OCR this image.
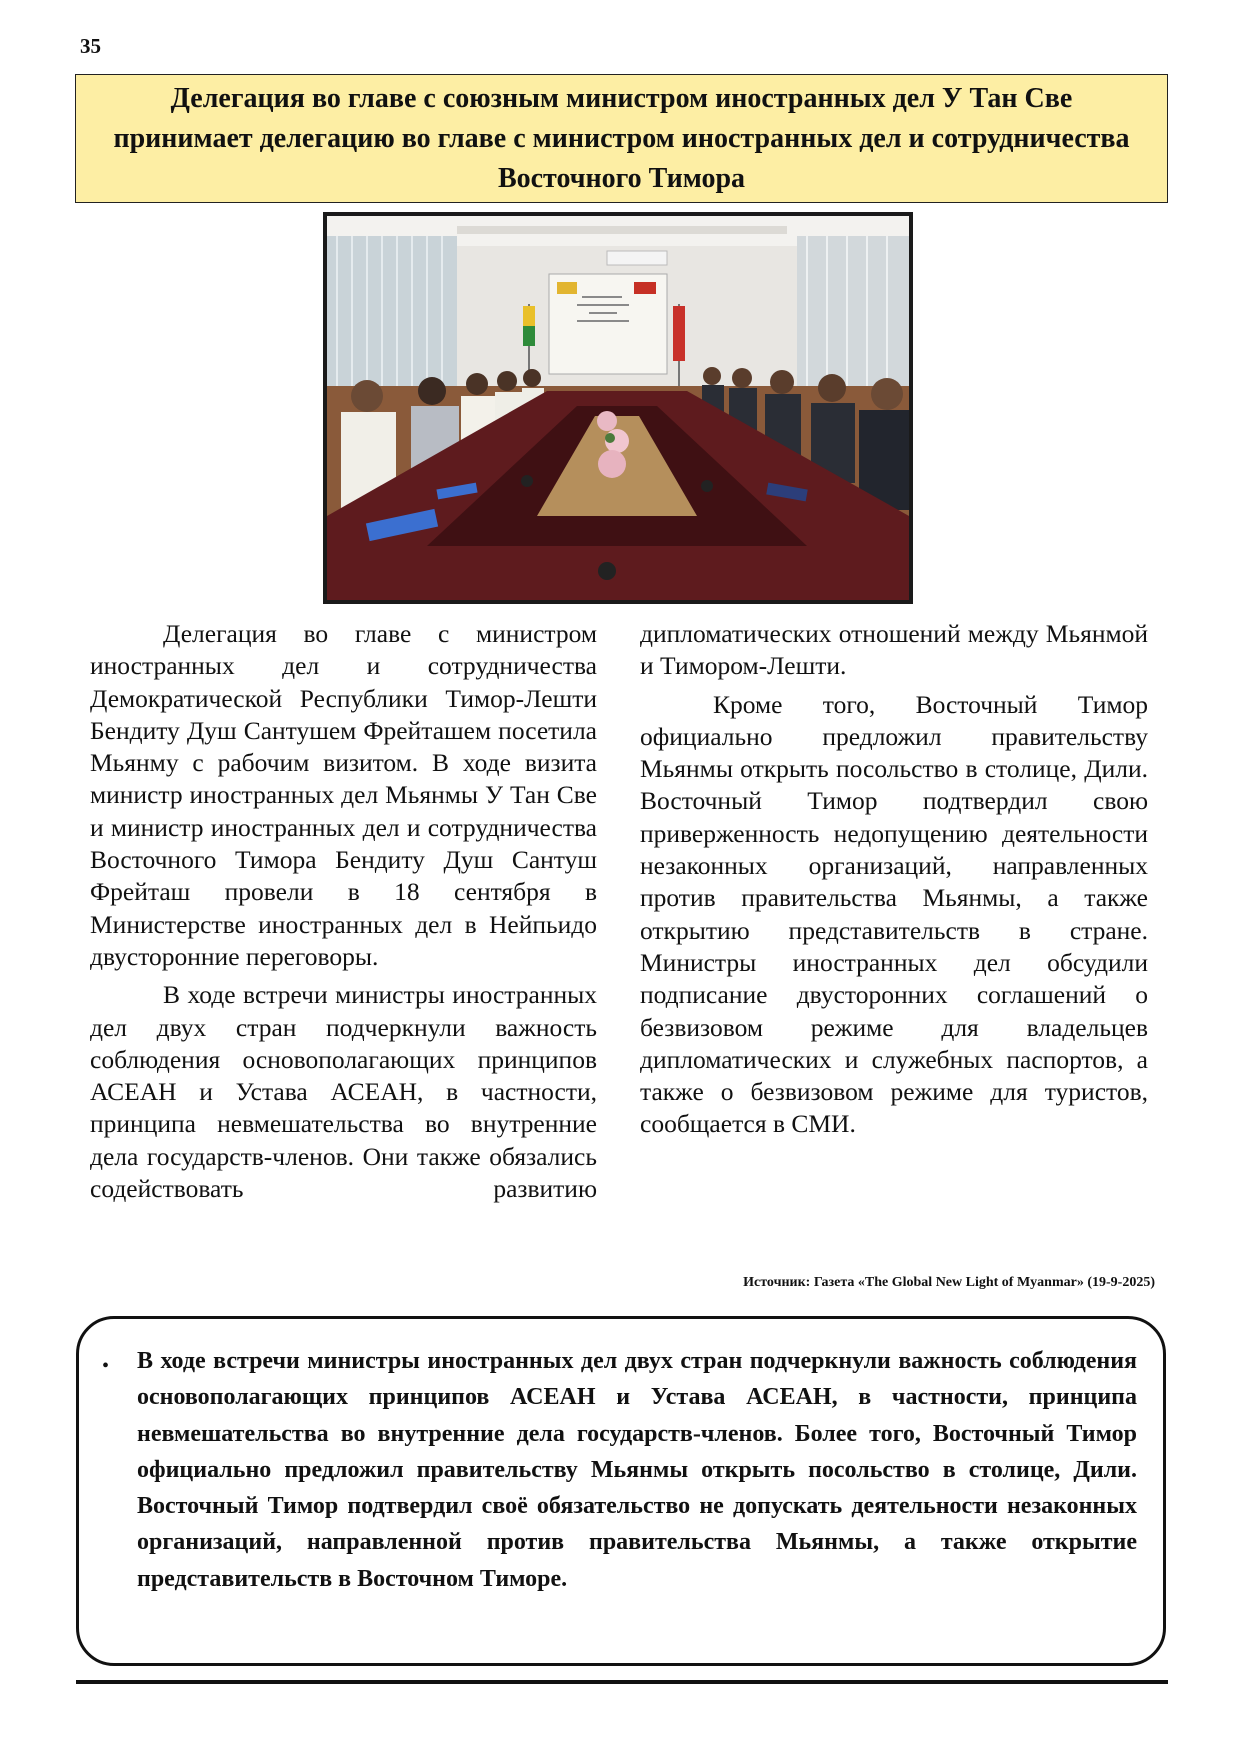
35
Делегация во главе с союзным министром иностранных дел У Тан Све принимает делегацию во главе с министром иностранных дел и сотрудничества Восточного Тимора

Делегация во главе с министром иностранных дел и сотрудничества Демократической Республики Тимор-Лешти Бендиту Душ Сантушем Фрейташем посетила Мьянму с рабочим визитом. В ходе визита министр иностранных дел Мьянмы У Тан Све и министр иностранных дел и сотрудничества Восточного Тимора Бендиту Душ Сантуш Фрейташ провели в 18 сентября в Министерстве иностранных дел в Нейпьидо двусторонние переговоры.

В ходе встречи министры иностранных дел двух стран подчеркнули важность соблюдения основополагающих принципов АСЕАН и Устава АСЕАН, в частности, принципа невмешательства во внутренние дела государств-членов. Они также обязались содействовать развитию

дипломатических отношений между Мьянмой и Тимором-Лешти.

Кроме того, Восточный Тимор официально предложил правительству Мьянмы открыть посольство в столице, Дили. Восточный Тимор подтвердил свою приверженность недопущению деятельности незаконных организаций, направленных против правительства Мьянмы, а также открытию представительств в стране. Министры иностранных дел обсудили подписание двусторонних соглашений о безвизовом режиме для владельцев дипломатических и служебных паспортов, а также о безвизовом режиме для туристов, сообщается в СМИ.

Источник: Газета «The Global New Light of Myanmar» (19-9-2025)
• В ходе встречи министры иностранных дел двух стран подчеркнули важность соблюдения основополагающих принципов АСЕАН и Устава АСЕАН, в частности, принципа невмешательства во внутренние дела государств-членов. Более того, Восточный Тимор официально предложил правительству Мьянмы открыть посольство в столице, Дили. Восточный Тимор подтвердил своё обязательство не допускать деятельности незаконных организаций, направленной против правительства Мьянмы, а также открытие представительств в Восточном Тиморе.
